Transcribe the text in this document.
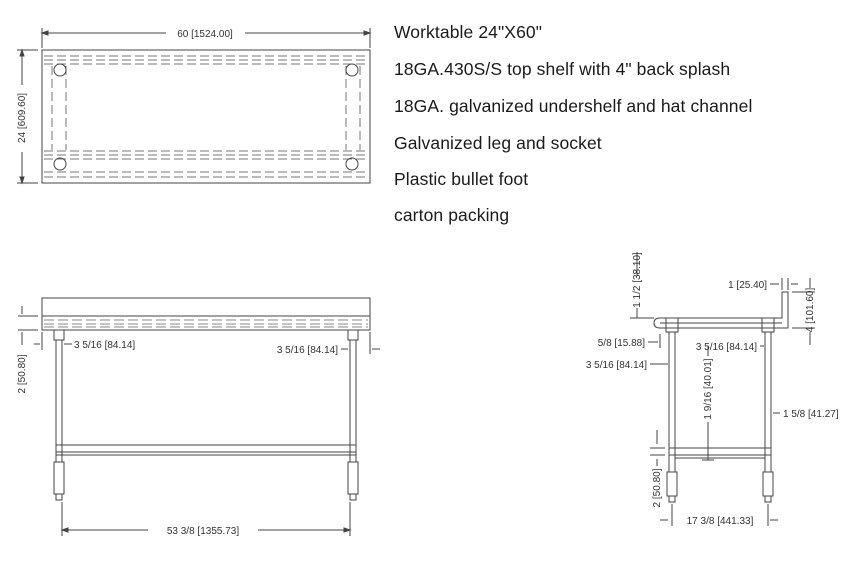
60 [1524.00]
24 [609.60]
2 [50.80]
3 5/16 [84.14]	3 5/16 [84.14]
53 3/8 [1355.73]
1 1/2 [38.10]	1 [25.40]
4 [101.60]
5/8 [15.88]
3 5/16 [84.14]
3 5/16 [84.14]
1 9/16 [40.01]	1 5/8 [41.27]
2 [50.80]
17 3/8 [441.33]
Worktable 24"X60"
18GA.430S/S top shelf with 4" back splash
18GA. galvanized undershelf and hat channel
Galvanized leg and socket
Plastic bullet foot
carton packing
